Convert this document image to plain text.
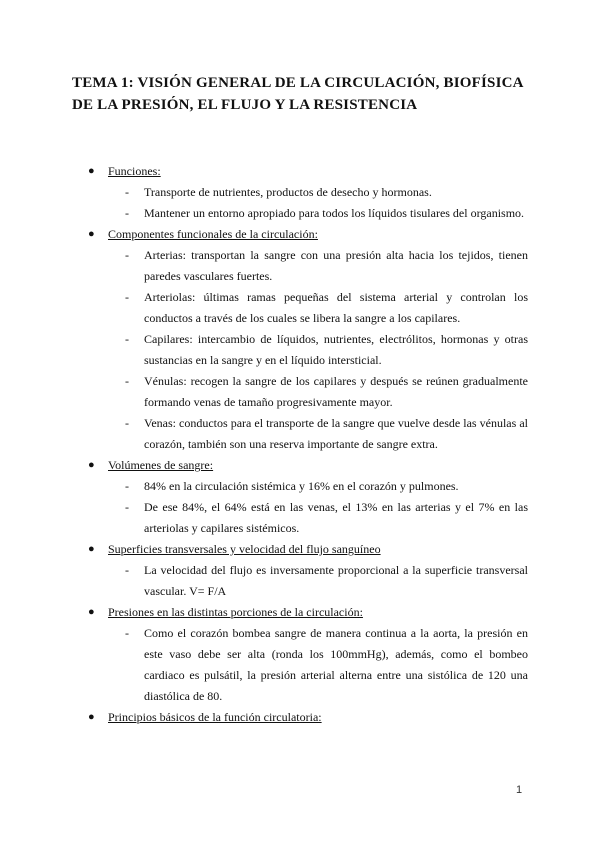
TEMA 1: VISIÓN GENERAL DE LA CIRCULACIÓN, BIOFÍSICA DE LA PRESIÓN, EL FLUJO Y LA RESISTENCIA
● Funciones:
- Transporte de nutrientes, productos de desecho y hormonas.
- Mantener un entorno apropiado para todos los líquidos tisulares del organismo.
● Componentes funcionales de la circulación:
- Arterias: transportan la sangre con una presión alta hacia los tejidos, tienen paredes vasculares fuertes.
- Arteriolas: últimas ramas pequeñas del sistema arterial y controlan los conductos a través de los cuales se libera la sangre a los capilares.
- Capilares: intercambio de líquidos, nutrientes, electrólitos, hormonas y otras sustancias en la sangre y en el líquido intersticial.
- Vénulas: recogen la sangre de los capilares y después se reúnen gradualmente formando venas de tamaño progresivamente mayor.
- Venas: conductos para el transporte de la sangre que vuelve desde las vénulas al corazón, también son una reserva importante de sangre extra.
● Volúmenes de sangre:
- 84% en la circulación sistémica y 16% en el corazón y pulmones.
- De ese 84%, el 64% está en las venas, el 13% en las arterias y el 7% en las arteriolas y capilares sistémicos.
● Superficies transversales y velocidad del flujo sanguíneo
- La velocidad del flujo es inversamente proporcional a la superficie transversal vascular. V= F/A
● Presiones en las distintas porciones de la circulación:
- Como el corazón bombea sangre de manera continua a la aorta, la presión en este vaso debe ser alta (ronda los 100mmHg), además, como el bombeo cardiaco es pulsátil, la presión arterial alterna entre una sistólica de 120 una diastólica de 80.
● Principios básicos de la función circulatoria:
1
